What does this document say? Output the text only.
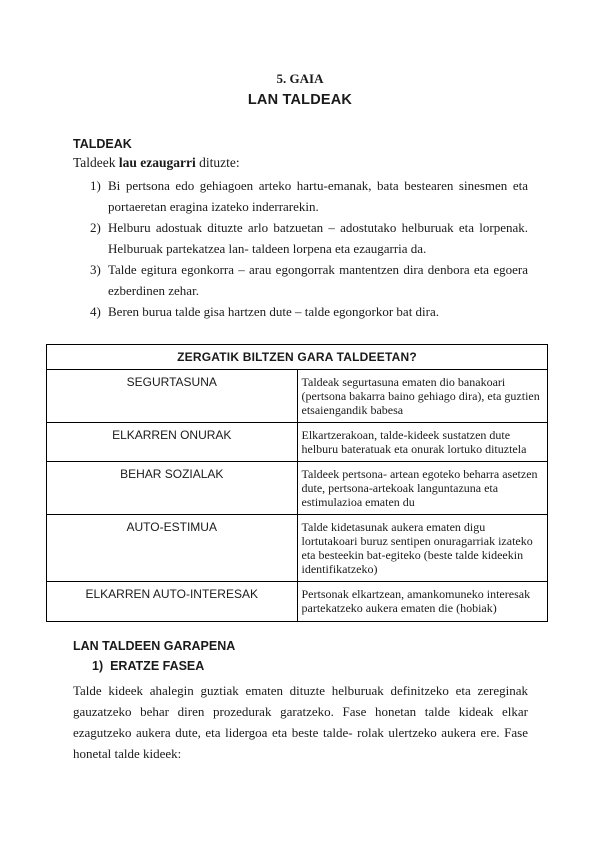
5. GAIA
LAN TALDEAK
TALDEAK
Taldeek lau ezaugarri dituzte:
1) Bi pertsona edo gehiagoen arteko hartu-emanak, bata bestearen sinesmen eta portaeretan eragina izateko inderrarekin.
2) Helburu adostuak dituzte arlo batzuetan – adostutako helburuak eta lorpenak. Helburuak partekatzea lan- taldeen lorpena eta ezaugarria da.
3) Talde egitura egonkorra – arau egongorrak mantentzen dira denbora eta egoera ezberdinen zehar.
4) Beren burua talde gisa hartzen dute – talde egongorkor bat dira.
ZERGATIK BILTZEN GARA TALDEETAN?	
SEGURTASUNA	Taldeak segurtasuna ematen dio banakoari (pertsona bakarra baino gehiago dira), eta guztien etsaiengandik babesa
ELKARREN ONURAK	Elkartzerakoan, talde-kideek sustatzen dute helburu bateratuak eta onurak lortuko dituztela
BEHAR SOZIALAK	Taldeek pertsona- artean egoteko beharra asetzen dute, pertsona-artekoak languntazuna eta estimulazioa ematen du
AUTO-ESTIMUA	Talde kidetasunak aukera ematen digu lortutakoari buruz sentipen onuragarriak izateko eta besteekin bat-egiteko (beste talde kideekin identifikatzeko)
ELKARREN AUTO-INTERESAK	Pertsonak elkartzean, amankomuneko interesak partekatzeko aukera ematen die (hobiak)
LAN TALDEEN GARAPENA
1) ERATZE FASEA

Talde kideek ahalegin guztiak ematen dituzte helburuak definitzeko eta zereginak gauzatzeko behar diren prozedurak garatzeko. Fase honetan talde kideak elkar ezagutzeko aukera dute, eta lidergoa eta beste talde- rolak ulertzeko aukera ere. Fase honetal talde kideek:
